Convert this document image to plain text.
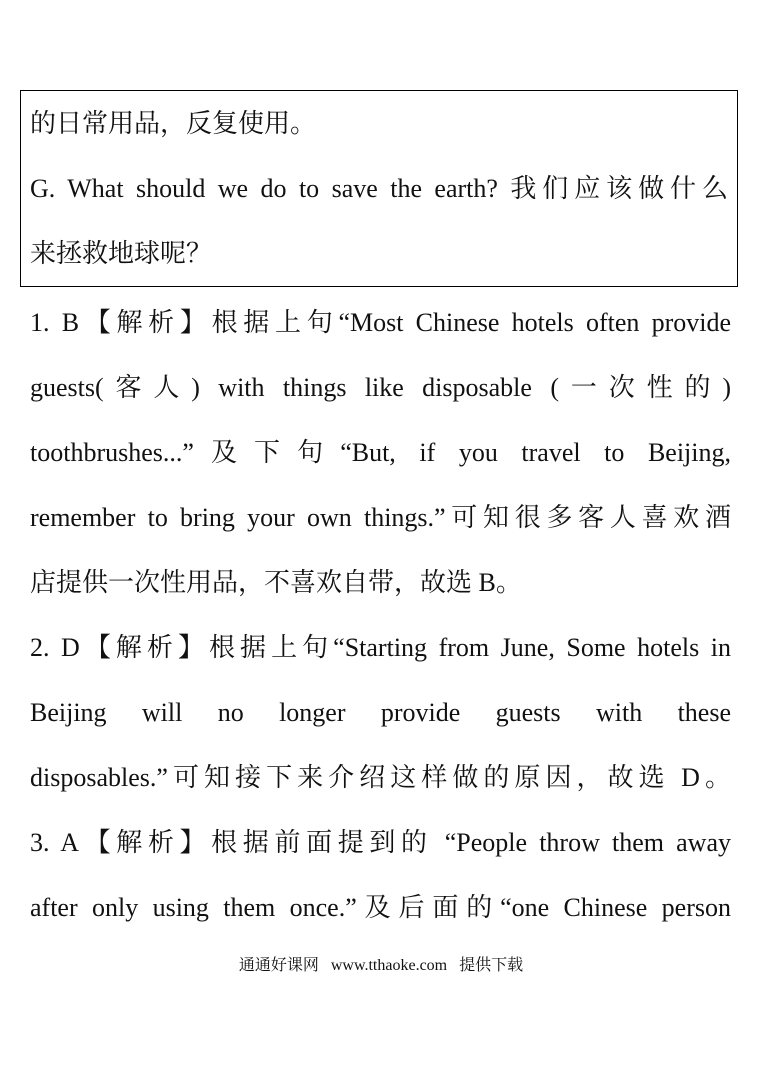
的日常用品，反复使用。
G. What should we do to save the earth? 我们应该做什么
来拯救地球呢？
1. B【解析】根据上句“Most Chinese hotels often provide
guests(客人) with things like disposable (一次性的)
toothbrushes...”及下句“But, if you travel to Beijing,
remember to bring your own things.”可知很多客人喜欢酒
店提供一次性用品，不喜欢自带，故选 B。
2. D【解析】根据上句“Starting from June, Some hotels in
Beijing will no longer provide guests with these
disposables.”可知接下来介绍这样做的原因，故选 D。
3. A【解析】根据前面提到的 “People throw them away
after only using them once.”及后面的“one Chinese person
通通好课网 www.tthaoke.com 提供下载
